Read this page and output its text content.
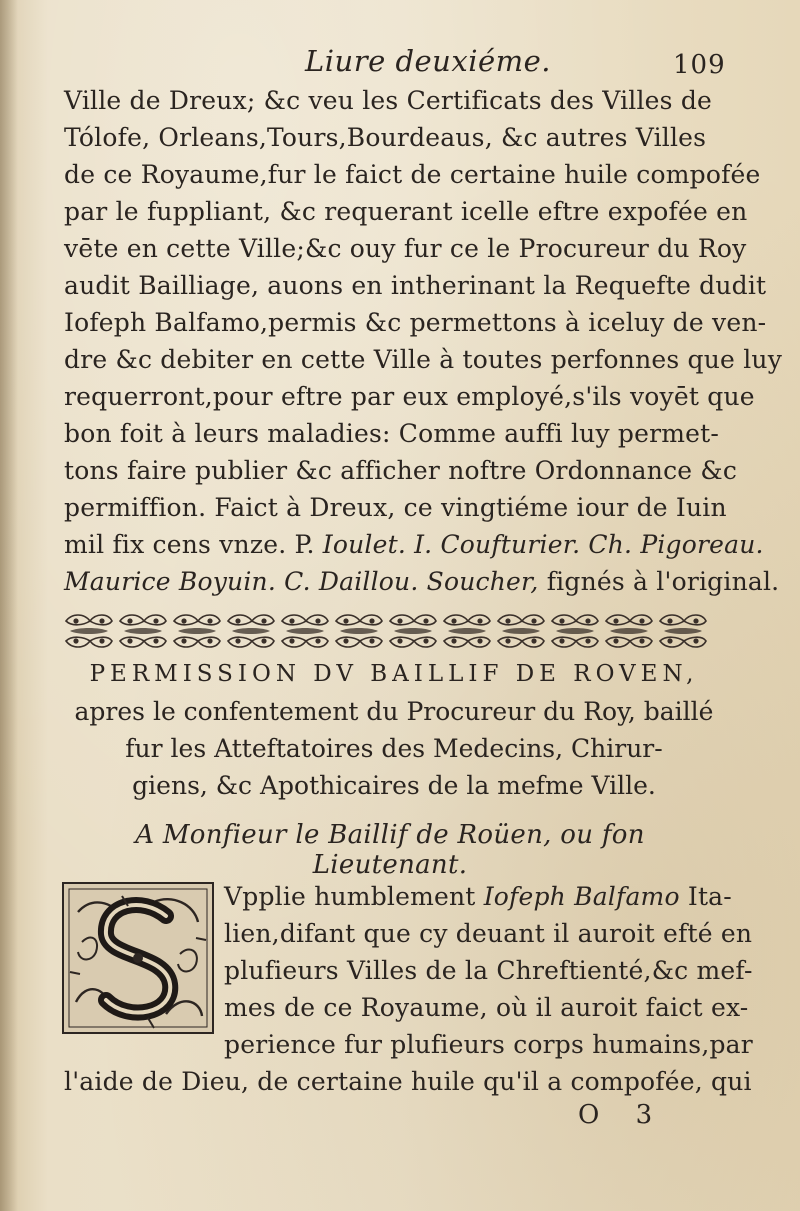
Liure deuxiéme.	109
Ville de Dreux; &c veu les Certificats des Villes de
Tólofe, Orleans,Tours,Bourdeaus, &c autres Villes
de ce Royaume,fur le faict de certaine huile compofée
par le fuppliant, &c requerant icelle eftre expofée en
vēte en cette Ville;&c ouy fur ce le Procureur du Roy
audit Bailliage, auons en intherinant la Requefte dudit
Iofeph Balfamo,permis &c permettons à iceluy de ven-
dre &c debiter en cette Ville à toutes perfonnes que luy
requerront,pour eftre par eux employé,s'ils voyēt que
bon foit à leurs maladies: Comme auffi luy permet-
tons faire publier &c afficher noftre Ordonnance &c
permiffion. Faict à Dreux, ce vingtiéme iour de Iuin
mil fix cens vnze. P. Ioulet. I. Coufturier. Ch. Pigoreau.
Maurice Boyuin. C. Daillou. Soucher, fignés à l'original.
PERMISSION DV BAILLIF DE ROVEN,
apres le confentement du Procureur du Roy, baillé
fur les Atteftatoires des Medecins, Chirur-
giens, &c Apothicaires de la mefme Ville.
A Monfieur le Baillif de Roüen, ou fon Lieutenant.
Vpplie humblement Iofeph Balfamo Ita-
lien,difant que cy deuant il auroit efté en
plufieurs Villes de la Chreftienté,&c mef-
mes de ce Royaume, où il auroit faict ex-
perience fur plufieurs corps humains,par
l'aide de Dieu, de certaine huile qu'il a compofée, qui
O 3
